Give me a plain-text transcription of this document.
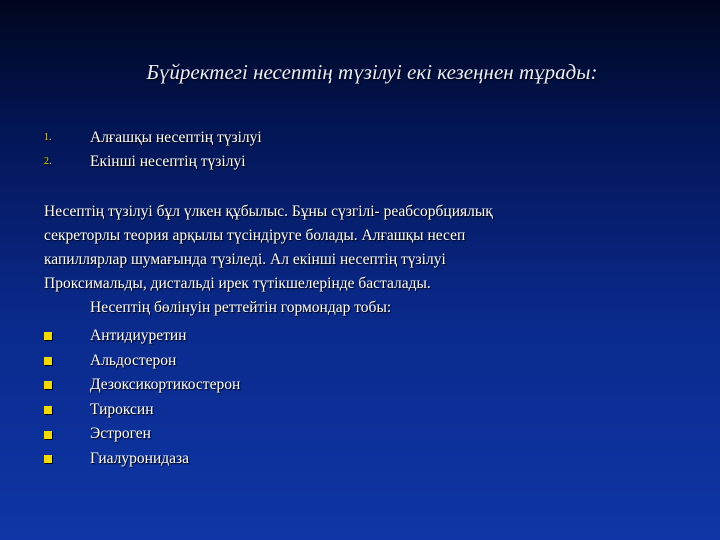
Бүйректегі несептің түзілуі екі кезеңнен тұрады:
1.	Алғашқы несептің түзілуі
2.	Екінші несептің түзілуі
Несептің түзілуі бұл үлкен құбылыс. Бұны сүзгілі- реабсорбциялық
секреторлы теория арқылы түсіндіруге болады. Алғашқы несеп
капиллярлар шумағында түзіледі. Ал екінші несептің түзілуі
Проксимальды, дистальді ирек түтікшелерінде басталады.
Несептің бөлінуін реттейтін гормондар тобы:
Антидиуретин
Альдостерон
Дезоксикортикостерон
Тироксин
Эстроген
Гиалуронидаза
